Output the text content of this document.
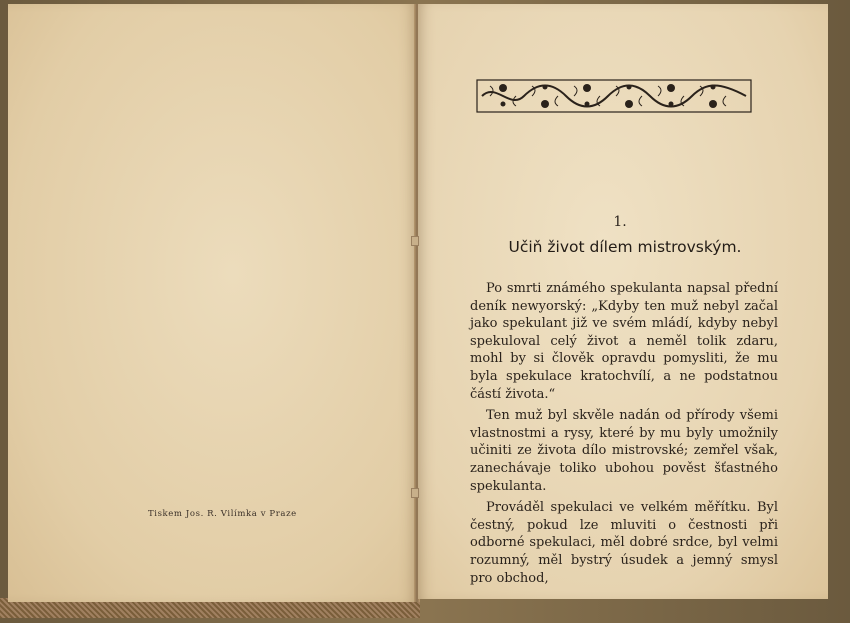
Tiskem Jos. R. Vilímka v Praze
1.
Učiň život dílem mistrovským.

Po smrti známého spekulanta napsal přední deník newyorský: „Kdyby ten muž nebyl začal jako spekulant již ve svém mládí, kdyby nebyl spekuloval celý život a neměl tolik zdaru, mohl by si člověk opravdu pomysliti, že mu byla spekulace kratochvílí, a ne podstatnou částí života.“

Ten muž byl skvěle nadán od přírody všemi vlastnostmi a rysy, které by mu byly umožnily učiniti ze života dílo mistrovské; zemřel však, zanechávaje toliko ubohou pověst šťastného spekulanta.

Prováděl spekulaci ve velkém měřítku. Byl čestný, pokud lze mluviti o čestnosti při odborné spekulaci, měl dobré srdce, byl velmi rozumný, měl bystrý úsudek a jemný smysl pro obchod,
